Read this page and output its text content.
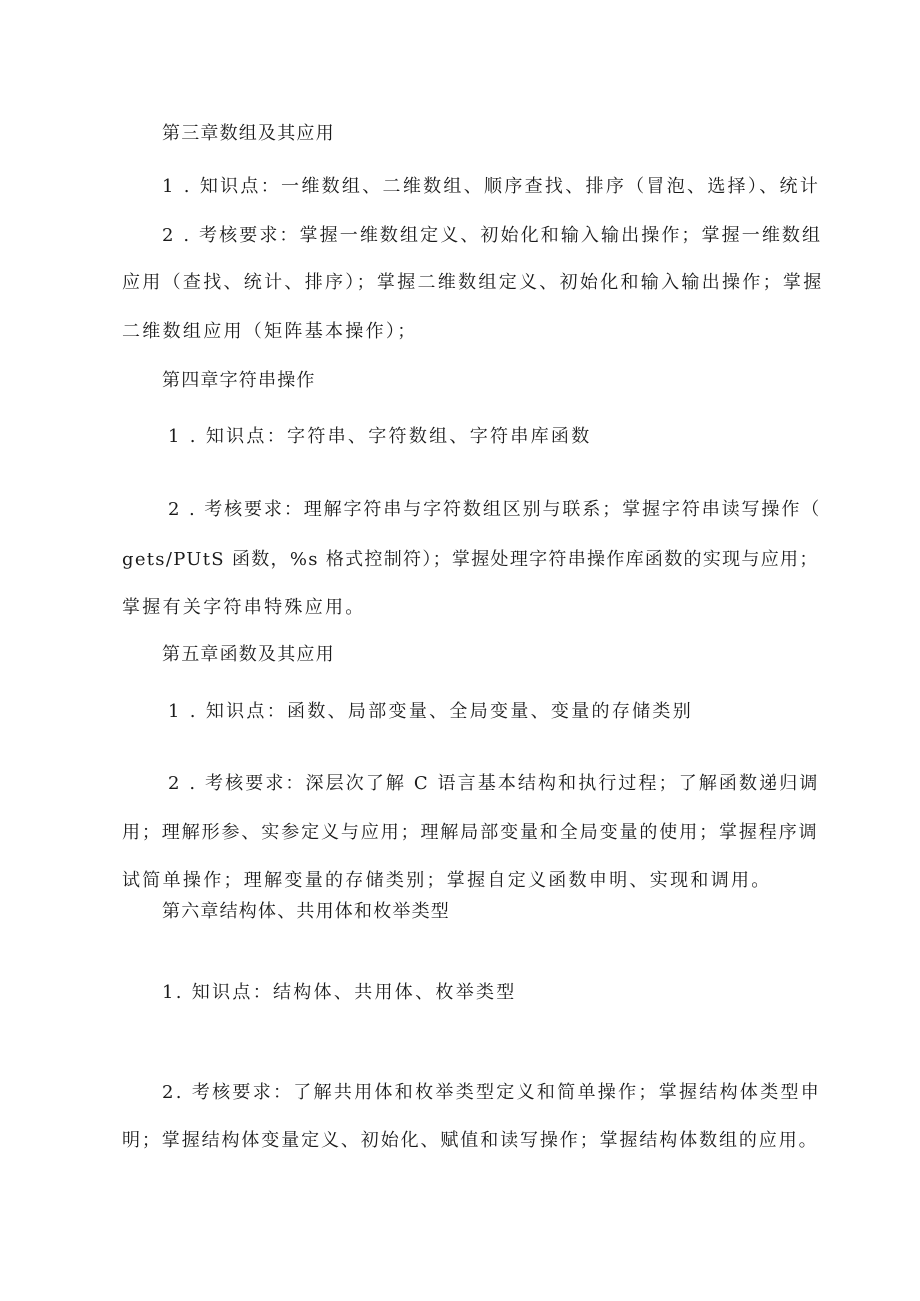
第三章数组及其应用
1 . 知识点：一维数组、二维数组、顺序查找、排序（冒泡、选择）、统计
2 . 考核要求：掌握一维数组定义、初始化和输入输出操作；掌握一维数组
应用（查找、统计、排序）；掌握二维数组定义、初始化和输入输出操作；掌握
二维数组应用（矩阵基本操作）；
第四章字符串操作
1 . 知识点：字符串、字符数组、字符串库函数
2 . 考核要求：理解字符串与字符数组区别与联系；掌握字符串读写操作（
gets/PUtS 函数，%s 格式控制符）；掌握处理字符串操作库函数的实现与应用；
掌握有关字符串特殊应用。
第五章函数及其应用
1 . 知识点：函数、局部变量、全局变量、变量的存储类别
2 . 考核要求：深层次了解 C 语言基本结构和执行过程；了解函数递归调
用；理解形参、实参定义与应用；理解局部变量和全局变量的使用；掌握程序调
试简单操作；理解变量的存储类别；掌握自定义函数申明、实现和调用。
第六章结构体、共用体和枚举类型
1. 知识点：结构体、共用体、枚举类型
2. 考核要求：了解共用体和枚举类型定义和简单操作；掌握结构体类型申
明；掌握结构体变量定义、初始化、赋值和读写操作；掌握结构体数组的应用。
